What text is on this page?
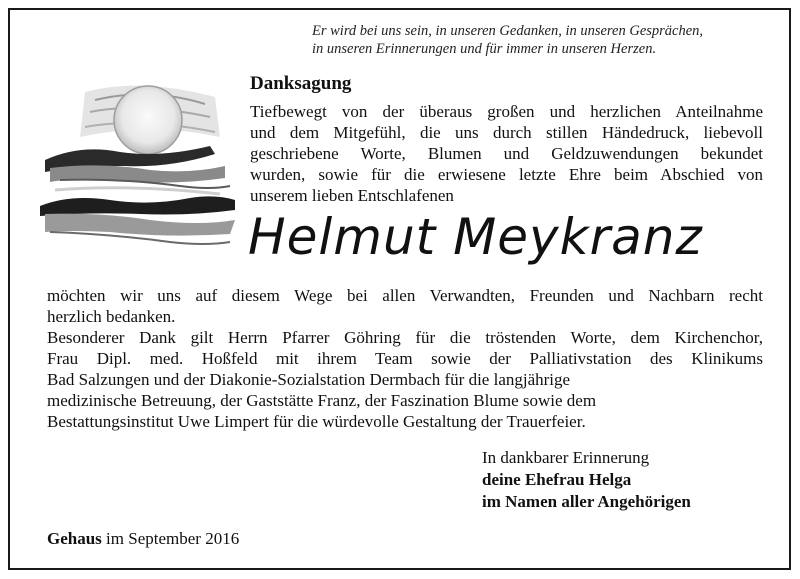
Er wird bei uns sein, in unseren Gedanken, in unseren Gesprächen,
in unseren Erinnerungen und für immer in unseren Herzen.
Danksagung

Tiefbewegt von der überaus großen und herzlichen Anteilnahme

und dem Mitgefühl, die uns durch stillen Händedruck, liebevoll

geschriebene Worte, Blumen und Geldzuwendungen bekundet

wurden, sowie für die erwiesene letzte Ehre beim Abschied von

unserem lieben Entschlafenen

Helmut Meykranz

möchten wir uns auf diesem Wege bei allen Verwandten, Freunden und Nachbarn recht

herzlich bedanken.

Besonderer Dank gilt Herrn Pfarrer Göhring für die tröstenden Worte, dem Kirchenchor,

Frau Dipl. med. Hoßfeld mit ihrem Team sowie der Palliativstation des Klinikums

Bad Salzungen und der Diakonie-Sozialstation Dermbach für die langjährige

medizinische Betreuung, der Gaststätte Franz, der Faszination Blume sowie dem

Bestattungsinstitut Uwe Limpert für die würdevolle Gestaltung der Trauerfeier.

In dankbarer Erinnerung
deine Ehefrau Helga
im Namen aller Angehörigen
Gehaus im September 2016
